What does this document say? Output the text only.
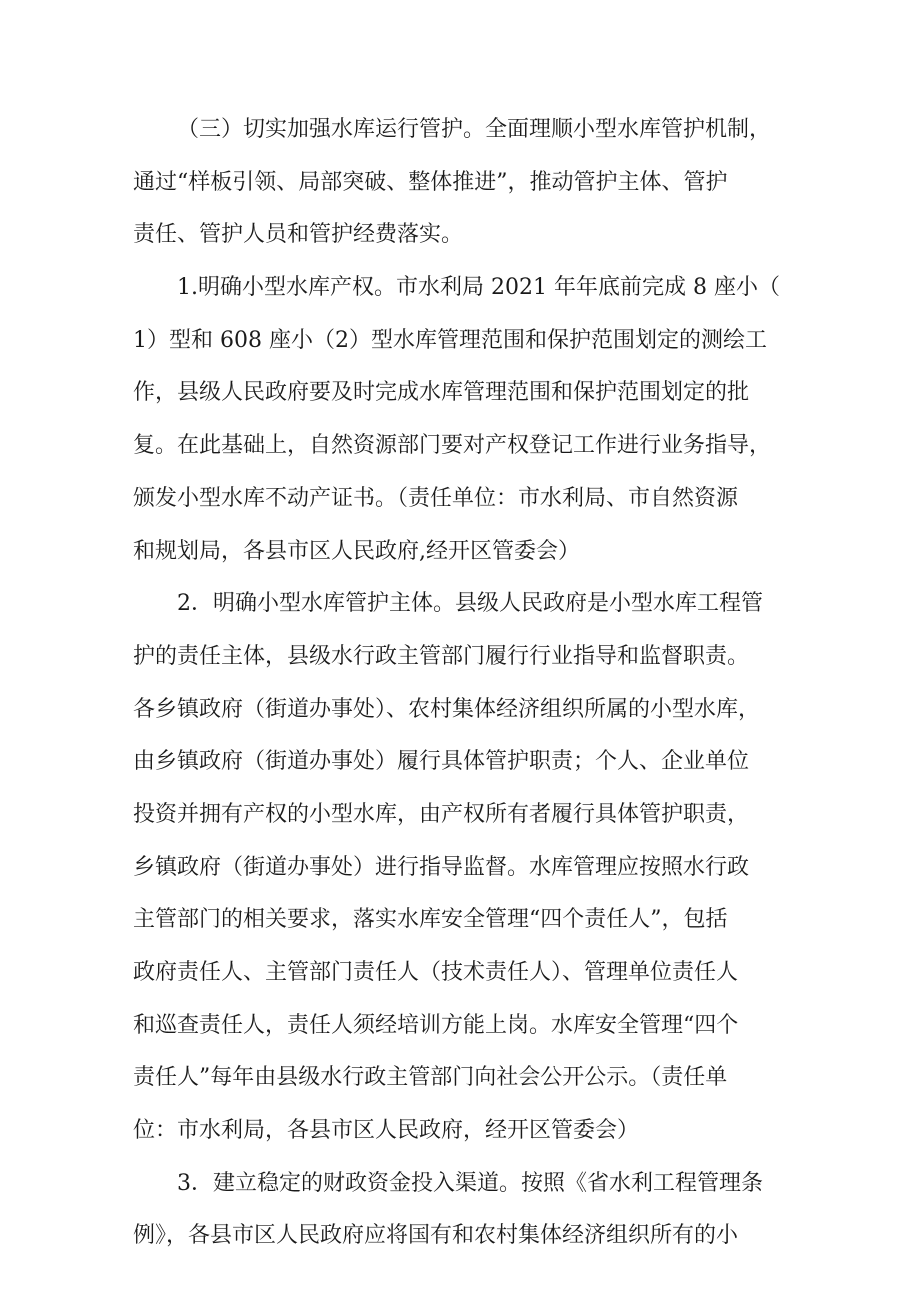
（三）切实加强水库运行管护。全面理顺小型水库管护机制，
通过“样板引领、局部突破、整体推进”，推动管护主体、管护
责任、管护人员和管护经费落实。
1.明确小型水库产权。市水利局 2021 年年底前完成 8 座小（
1）型和 608 座小（2）型水库管理范围和保护范围划定的测绘工
作，县级人民政府要及时完成水库管理范围和保护范围划定的批
复。在此基础上，自然资源部门要对产权登记工作进行业务指导，
颁发小型水库不动产证书。（责任单位：市水利局、市自然资源
和规划局，各县市区人民政府,经开区管委会）
2．明确小型水库管护主体。县级人民政府是小型水库工程管
护的责任主体，县级水行政主管部门履行行业指导和监督职责。
各乡镇政府（街道办事处）、农村集体经济组织所属的小型水库，
由乡镇政府（街道办事处）履行具体管护职责；个人、企业单位
投资并拥有产权的小型水库，由产权所有者履行具体管护职责，
乡镇政府（街道办事处）进行指导监督。水库管理应按照水行政
主管部门的相关要求，落实水库安全管理“四个责任人”，包括
政府责任人、主管部门责任人（技术责任人）、管理单位责任人
和巡查责任人，责任人须经培训方能上岗。水库安全管理“四个
责任人”每年由县级水行政主管部门向社会公开公示。（责任单
位：市水利局，各县市区人民政府，经开区管委会）
3．建立稳定的财政资金投入渠道。按照《省水利工程管理条
例》，各县市区人民政府应将国有和农村集体经济组织所有的小
